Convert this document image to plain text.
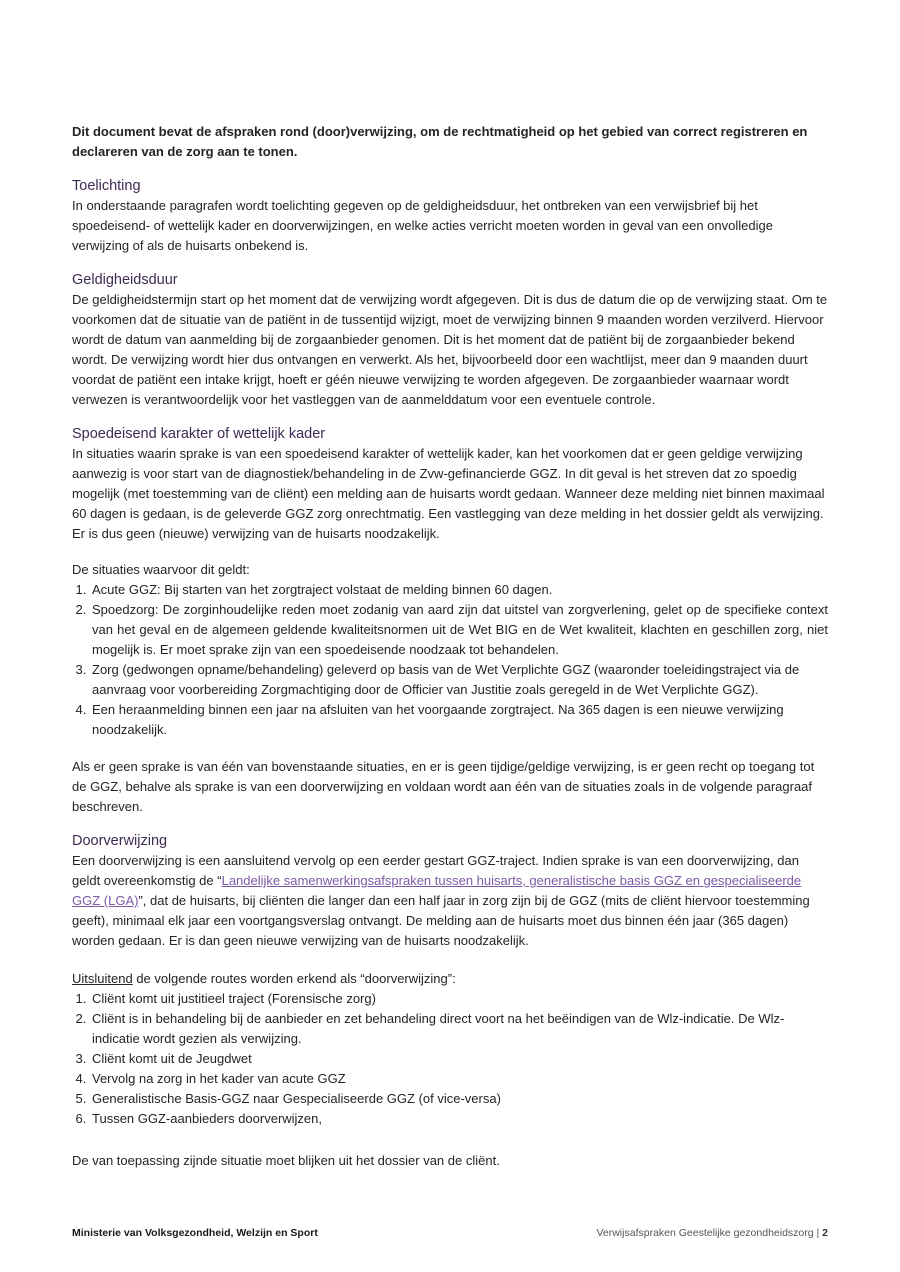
Dit document bevat de afspraken rond (door)verwijzing, om de rechtmatigheid op het gebied van correct registreren en declareren van de zorg aan te tonen.

Toelichting

In onderstaande paragrafen wordt toelichting gegeven op de geldigheidsduur, het ontbreken van een verwijsbrief bij het spoedeisend- of wettelijk kader en doorverwijzingen, en welke acties verricht moeten worden in geval van een onvolledige verwijzing of als de huisarts onbekend is.

Geldigheidsduur

De geldigheidstermijn start op het moment dat de verwijzing wordt afgegeven. Dit is dus de datum die op de verwijzing staat. Om te voorkomen dat de situatie van de patiënt in de tussentijd wijzigt, moet de verwijzing binnen 9 maanden worden verzilverd. Hiervoor wordt de datum van aanmelding bij de zorgaanbieder genomen. Dit is het moment dat de patiënt bij de zorgaanbieder bekend wordt. De verwijzing wordt hier dus ontvangen en verwerkt. Als het, bijvoorbeeld door een wachtlijst, meer dan 9 maanden duurt voordat de patiënt een intake krijgt, hoeft er géén nieuwe verwijzing te worden afgegeven. De zorgaanbieder waarnaar wordt verwezen is verantwoordelijk voor het vastleggen van de aanmelddatum voor een eventuele controle.

Spoedeisend karakter of wettelijk kader

In situaties waarin sprake is van een spoedeisend karakter of wettelijk kader, kan het voorkomen dat er geen geldige verwijzing aanwezig is voor start van de diagnostiek/behandeling in de Zvw-gefinancierde GGZ. In dit geval is het streven dat zo spoedig mogelijk (met toestemming van de cliënt) een melding aan de huisarts wordt gedaan. Wanneer deze melding niet binnen maximaal 60 dagen is gedaan, is de geleverde GGZ zorg onrechtmatig. Een vastlegging van deze melding in het dossier geldt als verwijzing. Er is dus geen (nieuwe) verwijzing van de huisarts noodzakelijk.

De situaties waarvoor dit geldt:

1. Acute GGZ: Bij starten van het zorgtraject volstaat de melding binnen 60 dagen.
2. Spoedzorg: De zorginhoudelijke reden moet zodanig van aard zijn dat uitstel van zorgverlening, gelet op de specifieke context van het geval en de algemeen geldende kwaliteitsnormen uit de Wet BIG en de Wet kwaliteit, klachten en geschillen zorg, niet mogelijk is. Er moet sprake zijn van een spoedeisende noodzaak tot behandelen.
3. Zorg (gedwongen opname/behandeling) geleverd op basis van de Wet Verplichte GGZ (waaronder toeleidingstraject via de aanvraag voor voorbereiding Zorgmachtiging door de Officier van Justitie zoals geregeld in de Wet Verplichte GGZ).
4. Een heraanmelding binnen een jaar na afsluiten van het voorgaande zorgtraject. Na 365 dagen is een nieuwe verwijzing noodzakelijk.

Als er geen sprake is van één van bovenstaande situaties, en er is geen tijdige/geldige verwijzing, is er geen recht op toegang tot de GGZ, behalve als sprake is van een doorverwijzing en voldaan wordt aan één van de situaties zoals in de volgende paragraaf beschreven.

Doorverwijzing

Een doorverwijzing is een aansluitend vervolg op een eerder gestart GGZ-traject. Indien sprake is van een doorverwijzing, dan geldt overeenkomstig de “Landelijke samenwerkingsafspraken tussen huisarts, generalistische basis GGZ en gespecialiseerde GGZ (LGA)”, dat de huisarts, bij cliënten die langer dan een half jaar in zorg zijn bij de GGZ (mits de cliënt hiervoor toestemming geeft), minimaal elk jaar een voortgangsverslag ontvangt. De melding aan de huisarts moet dus binnen één jaar (365 dagen) worden gedaan. Er is dan geen nieuwe verwijzing van de huisarts noodzakelijk.

Uitsluitend de volgende routes worden erkend als “doorverwijzing”:

1. Cliënt komt uit justitieel traject (Forensische zorg)
2. Cliënt is in behandeling bij de aanbieder en zet behandeling direct voort na het beëindigen van de Wlz-indicatie. De Wlz-indicatie wordt gezien als verwijzing.
3. Cliënt komt uit de Jeugdwet
4. Vervolg na zorg in het kader van acute GGZ
5. Generalistische Basis-GGZ naar Gespecialiseerde GGZ (of vice-versa)
6. Tussen GGZ-aanbieders doorverwijzen,

De van toepassing zijnde situatie moet blijken uit het dossier van de cliënt.

Ministerie van Volksgezondheid, Welzijn en Sport	Verwijsafspraken Geestelijke gezondheidszorg | 2
